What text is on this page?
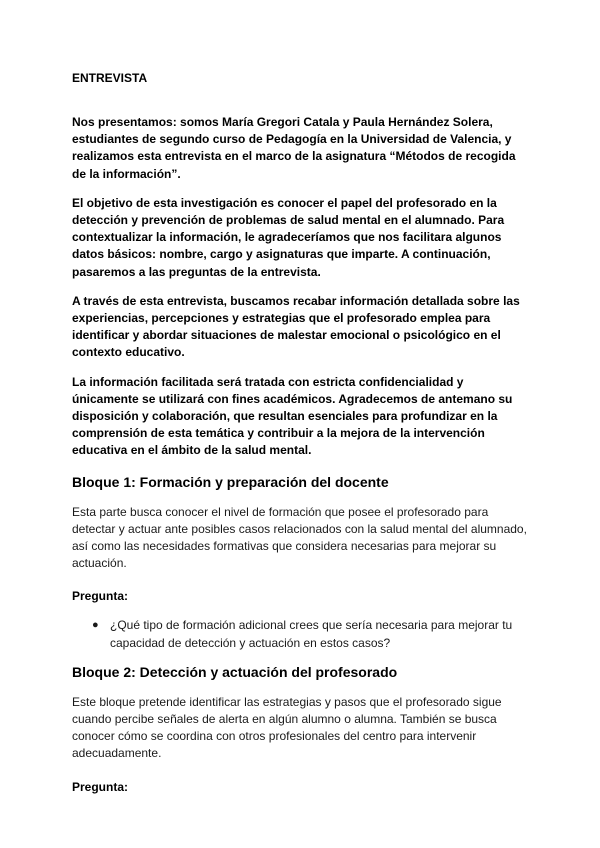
ENTREVISTA

Nos presentamos: somos María Gregori Catala y Paula Hernández Solera, estudiantes de segundo curso de Pedagogía en la Universidad de Valencia, y realizamos esta entrevista en el marco de la asignatura “Métodos de recogida de la información”.

El objetivo de esta investigación es conocer el papel del profesorado en la detección y prevención de problemas de salud mental en el alumnado. Para contextualizar la información, le agradeceríamos que nos facilitara algunos datos básicos: nombre, cargo y asignaturas que imparte. A continuación, pasaremos a las preguntas de la entrevista.

A través de esta entrevista, buscamos recabar información detallada sobre las experiencias, percepciones y estrategias que el profesorado emplea para identificar y abordar situaciones de malestar emocional o psicológico en el contexto educativo.

La información facilitada será tratada con estricta confidencialidad y únicamente se utilizará con fines académicos. Agradecemos de antemano su disposición y colaboración, que resultan esenciales para profundizar en la comprensión de esta temática y contribuir a la mejora de la intervención educativa en el ámbito de la salud mental.

Bloque 1: Formación y preparación del docente

Esta parte busca conocer el nivel de formación que posee el profesorado para detectar y actuar ante posibles casos relacionados con la salud mental del alumnado, así como las necesidades formativas que considera necesarias para mejorar su actuación.

Pregunta:
● ¿Qué tipo de formación adicional crees que sería necesaria para mejorar tu capacidad de detección y actuación en estos casos?
Bloque 2: Detección y actuación del profesorado

Este bloque pretende identificar las estrategias y pasos que el profesorado sigue cuando percibe señales de alerta en algún alumno o alumna. También se busca conocer cómo se coordina con otros profesionales del centro para intervenir adecuadamente.

Pregunta:
